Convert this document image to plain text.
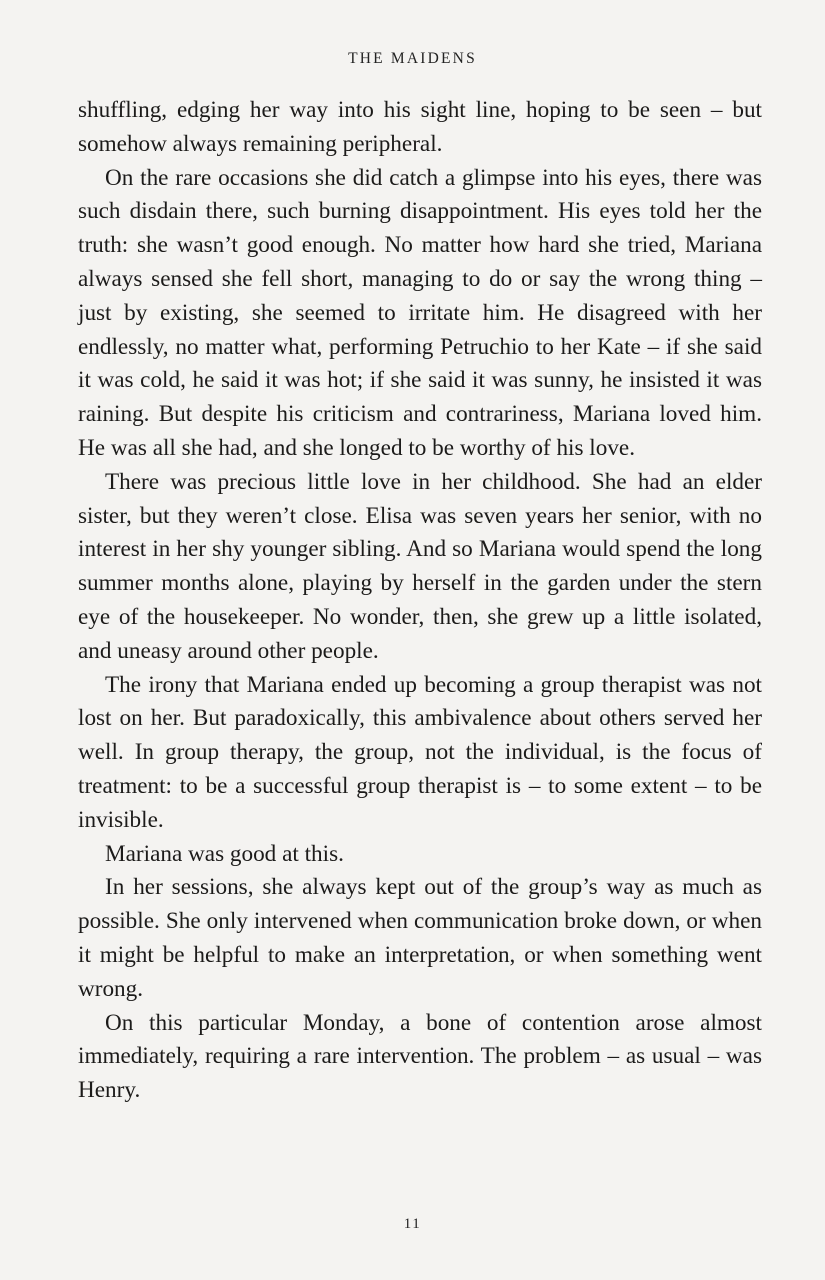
THE MAIDENS

shuffling, edging her way into his sight line, hoping to be seen – but somehow always remaining peripheral.

On the rare occasions she did catch a glimpse into his eyes, there was such disdain there, such burning disappointment. His eyes told her the truth: she wasn’t good enough. No matter how hard she tried, Mariana always sensed she fell short, managing to do or say the wrong thing – just by existing, she seemed to irritate him. He disagreed with her endlessly, no matter what, performing Petruchio to her Kate – if she said it was cold, he said it was hot; if she said it was sunny, he insisted it was raining. But despite his criticism and contrariness, Mariana loved him. He was all she had, and she longed to be worthy of his love.

There was precious little love in her childhood. She had an elder sister, but they weren’t close. Elisa was seven years her senior, with no interest in her shy younger sibling. And so Mariana would spend the long summer months alone, playing by herself in the garden under the stern eye of the housekeeper. No wonder, then, she grew up a little isolated, and uneasy around other people.

The irony that Mariana ended up becoming a group therapist was not lost on her. But paradoxically, this ambivalence about others served her well. In group therapy, the group, not the individual, is the focus of treatment: to be a successful group therapist is – to some extent – to be invisible.

Mariana was good at this.

In her sessions, she always kept out of the group’s way as much as possible. She only intervened when communication broke down, or when it might be helpful to make an interpretation, or when something went wrong.

On this particular Monday, a bone of contention arose almost immediately, requiring a rare intervention. The problem – as usual – was Henry.

11
